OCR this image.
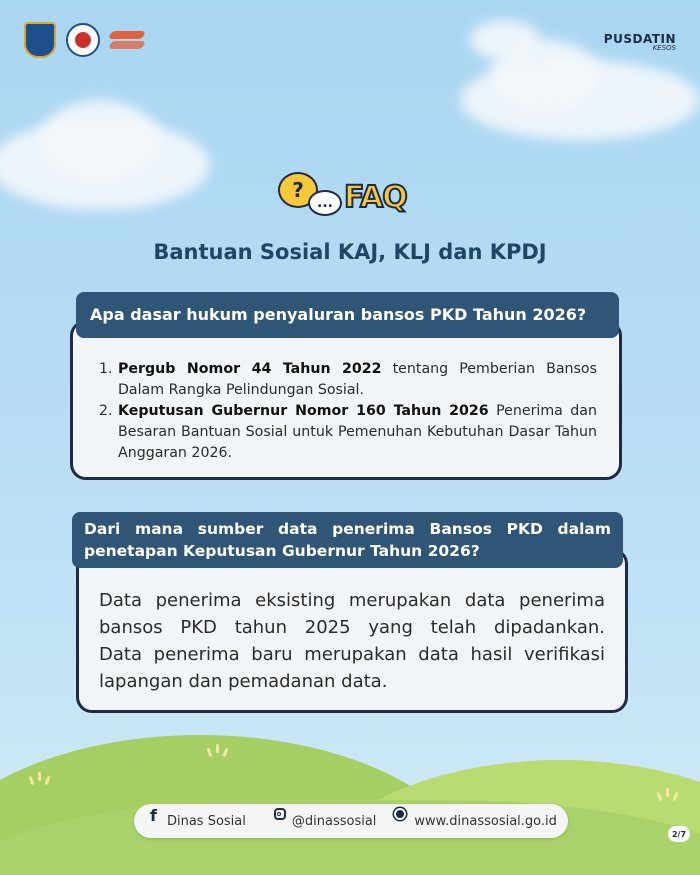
PUSDATIN
KESOS
?
... FAQ
Bantuan Sosial KAJ, KLJ dan KPDJ
Apa dasar hukum penyaluran bansos PKD Tahun 2026?
1. Pergub Nomor 44 Tahun 2022 tentang Pemberian Bansos Dalam Rangka Pelindungan Sosial.
2. Keputusan Gubernur Nomor 160 Tahun 2026 Penerima dan Besaran Bantuan Sosial untuk Pemenuhan Kebutuhan Dasar Tahun Anggaran 2026.
Dari mana sumber data penerima Bansos PKD dalam
penetapan Keputusan Gubernur Tahun 2026?
Data penerima eksisting merupakan data penerima
bansos PKD tahun 2025 yang telah dipadankan.
Data penerima baru merupakan data hasil verifikasi
lapangan dan pemadanan data.
f Dinas Sosial	@dinassosial	www.dinassosial.go.id
2/7
